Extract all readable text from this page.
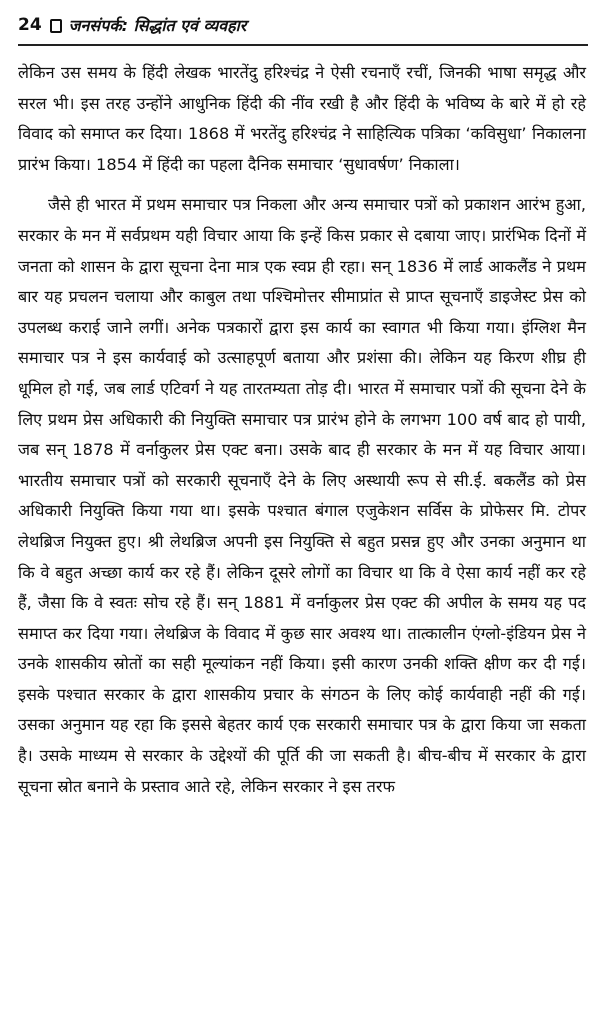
24 जनसंपर्क: सिद्धांत एवं व्यवहार

लेकिन उस समय के हिंदी लेखक भारतेंदु हरिश्चंद्र ने ऐसी रचनाएँ रचीं, जिनकी भाषा समृद्ध और सरल भी। इस तरह उन्होंने आधुनिक हिंदी की नींव रखी है और हिंदी के भविष्य के बारे में हो रहे विवाद को समाप्त कर दिया। 1868 में भरतेंदु हरिश्चंद्र ने साहित्यिक पत्रिका ‘कविसुधा’ निकालना प्रारंभ किया। 1854 में हिंदी का पहला दैनिक समाचार ‘सुधावर्षण’ निकाला।

जैसे ही भारत में प्रथम समाचार पत्र निकला और अन्य समाचार पत्रों को प्रकाशन आरंभ हुआ, सरकार के मन में सर्वप्रथम यही विचार आया कि इन्हें किस प्रकार से दबाया जाए। प्रारंभिक दिनों में जनता को शासन के द्वारा सूचना देना मात्र एक स्वप्न ही रहा। सन् 1836 में लार्ड आकलैंड ने प्रथम बार यह प्रचलन चलाया और काबुल तथा पश्चिमोत्तर सीमाप्रांत से प्राप्त सूचनाएँ डाइजेस्ट प्रेस को उपलब्ध कराई जाने लगीं। अनेक पत्रकारों द्वारा इस कार्य का स्वागत भी किया गया। इंग्लिश मैन समाचार पत्र ने इस कार्यवाई को उत्साहपूर्ण बताया और प्रशंसा की। लेकिन यह किरण शीघ्र ही धूमिल हो गई, जब लार्ड एटिवर्ग ने यह तारतम्यता तोड़ दी। भारत में समाचार पत्रों की सूचना देने के लिए प्रथम प्रेस अधिकारी की नियुक्ति समाचार पत्र प्रारंभ होने के लगभग 100 वर्ष बाद हो पायी, जब सन् 1878 में वर्नाकुलर प्रेस एक्ट बना। उसके बाद ही सरकार के मन में यह विचार आया। भारतीय समाचार पत्रों को सरकारी सूचनाएँ देने के लिए अस्थायी रूप से सी.ई. बकलैंड को प्रेस अधिकारी नियुक्ति किया गया था। इसके पश्चात बंगाल एजुकेशन सर्विस के प्रोफेसर मि. टोपर लेथब्रिज नियुक्त हुए। श्री लेथब्रिज अपनी इस नियुक्ति से बहुत प्रसन्न हुए और उनका अनुमान था कि वे बहुत अच्छा कार्य कर रहे हैं। लेकिन दूसरे लोगों का विचार था कि वे ऐसा कार्य नहीं कर रहे हैं, जैसा कि वे स्वतः सोच रहे हैं। सन् 1881 में वर्नाकुलर प्रेस एक्ट की अपील के समय यह पद समाप्त कर दिया गया। लेथब्रिज के विवाद में कुछ सार अवश्य था। तात्कालीन एंग्लो-इंडियन प्रेस ने उनके शासकीय स्रोतों का सही मूल्यांकन नहीं किया। इसी कारण उनकी शक्ति क्षीण कर दी गई। इसके पश्चात सरकार के द्वारा शासकीय प्रचार के संगठन के लिए कोई कार्यवाही नहीं की गई। उसका अनुमान यह रहा कि इससे बेहतर कार्य एक सरकारी समाचार पत्र के द्वारा किया जा सकता है। उसके माध्यम से सरकार के उद्देश्यों की पूर्ति की जा सकती है। बीच-बीच में सरकार के द्वारा सूचना स्रोत बनाने के प्रस्ताव आते रहे, लेकिन सरकार ने इस तरफ
